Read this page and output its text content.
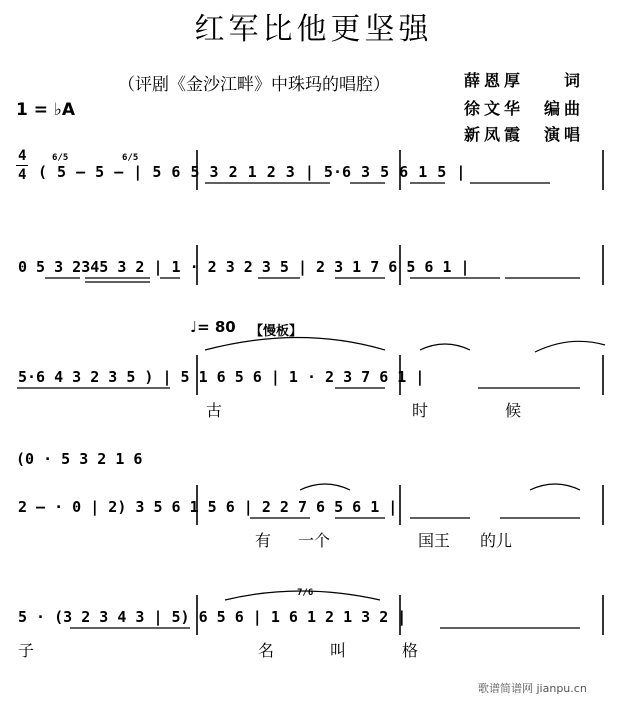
红军比他更坚强
（评剧《金沙江畔》中珠玛的唱腔）	薛恩厚　　词
徐文华　编曲
新凤霞　演唱
1 = ♭A
4
4
♩= 80 【慢板】
6/5	6/5
7/6
( 5 — 5 — | 5 6 5 3 2 1 2 3 | 5·6 3 5 6 1 5 |
0 5 3 2345 3 2 | 1 · 2 3 2 3 5 | 2 3 1 7 6 5 6 1 |
5·6 4 3 2 3 5 ) | 5 1 6 5 6 | 1 · 2 3 7 6 1 |
(0 · 5 3 2 1 6
2 — · 0 | 2) 3 5 6 1 5 6 | 2 2 7 6 5 6 1 |
5 · (3 2 3 4 3 | 5) 6 5 6 | 1 6 1 2 1 3 2 |
古	时	候
有 一个	国王 的儿
子	名	叫	格
歌谱简谱网 jianpu.cn
